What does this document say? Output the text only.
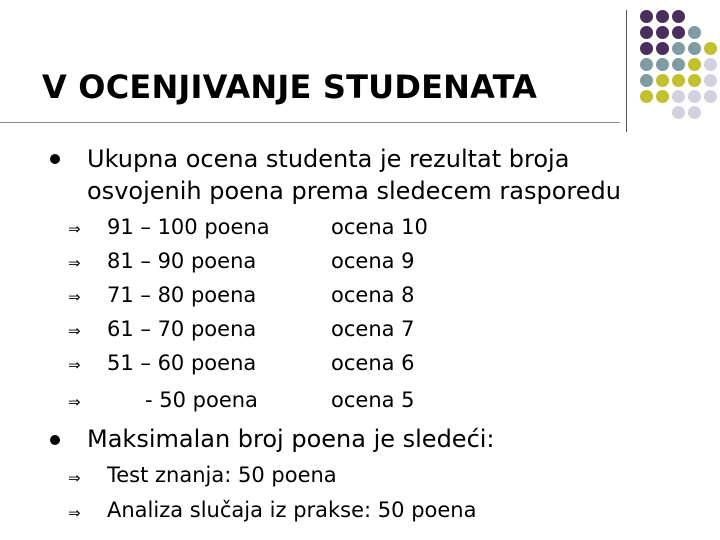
V OCENJIVANJE STUDENATA
Ukupna ocena studenta je rezultat broja
osvojenih poena prema sledecem rasporedu
⇒ 91 – 100 poena	ocena 10
⇒ 81 – 90 poena	ocena 9
⇒ 71 – 80 poena	ocena 8
⇒ 61 – 70 poena	ocena 7
⇒ 51 – 60 poena	ocena 6
⇒	- 50 poena	ocena 5
Maksimalan broj poena je sledeći:
⇒ Test znanja: 50 poena
⇒ Analiza slučaja iz prakse: 50 poena
